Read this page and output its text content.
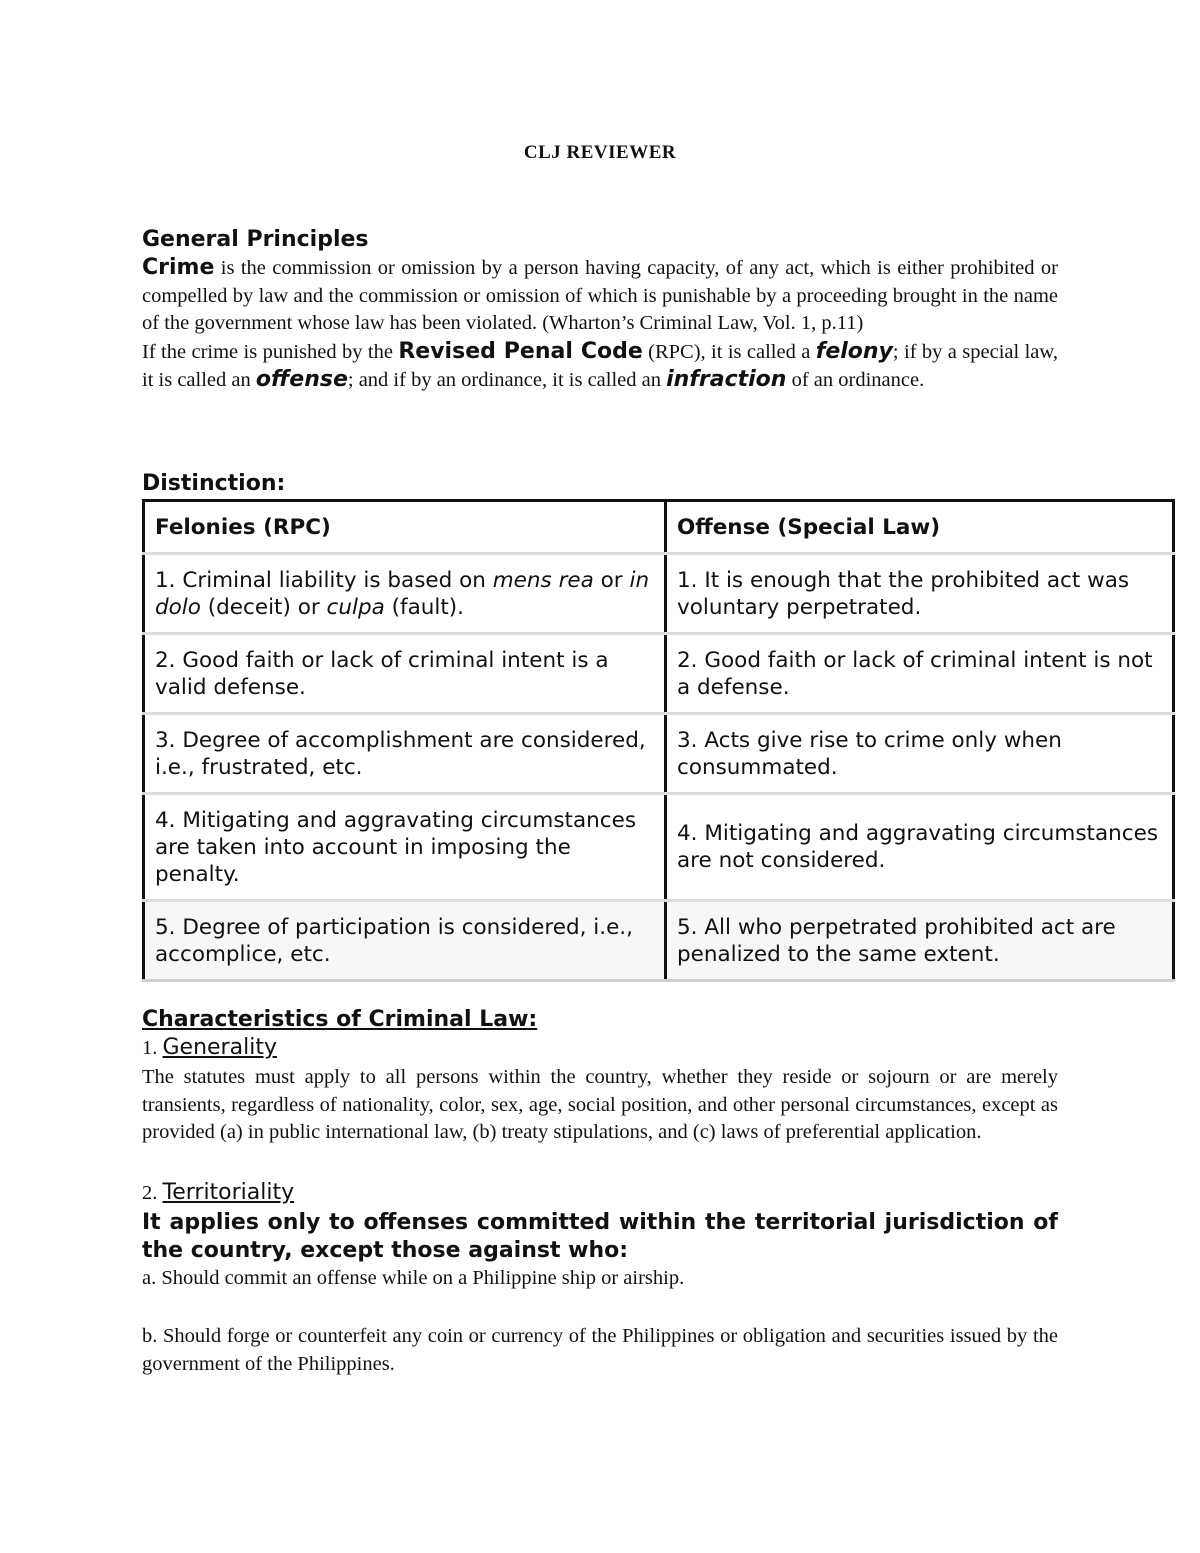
CLJ REVIEWER

General Principles

Crime is the commission or omission by a person having capacity, of any act, which is either prohibited or compelled by law and the commission or omission of which is punishable by a proceeding brought in the name of the government whose law has been violated. (Wharton’s Criminal Law, Vol. 1, p.11)

If the crime is punished by the Revised Penal Code (RPC), it is called a felony; if by a special law, it is called an offense; and if by an ordinance, it is called an infraction of an ordinance.

Distinction:

Felonies (RPC)	Offense (Special Law)
1. Criminal liability is based on mens rea or in dolo (deceit) or culpa (fault).	1. It is enough that the prohibited act was voluntary perpetrated.
2. Good faith or lack of criminal intent is a valid defense.	2. Good faith or lack of criminal intent is not a defense.
3. Degree of accomplishment are considered, i.e., frustrated, etc.	3. Acts give rise to crime only when consummated.
4. Mitigating and aggravating circumstances are taken into account in imposing the penalty.	4. Mitigating and aggravating circumstances are not considered.
5. Degree of participation is considered, i.e., accomplice, etc.	5. All who perpetrated prohibited act are penalized to the same extent.

Characteristics of Criminal Law:

1. Generality

The statutes must apply to all persons within the country, whether they reside or sojourn or are merely transients, regardless of nationality, color, sex, age, social position, and other personal circumstances, except as provided (a) in public international law, (b) treaty stipulations, and (c) laws of preferential application.

2. Territoriality

It applies only to offenses committed within the territorial jurisdiction of the country, except those against who:

a. Should commit an offense while on a Philippine ship or airship.

b. Should forge or counterfeit any coin or currency of the Philippines or obligation and securities issued by the government of the Philippines.
